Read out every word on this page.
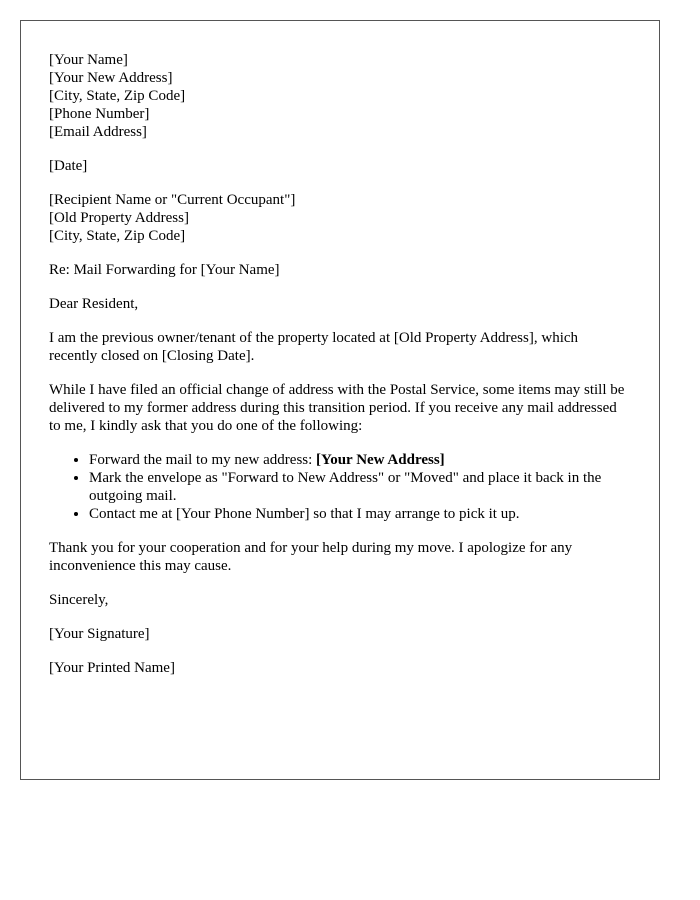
[Your Name]
[Your New Address]
[City, State, Zip Code]
[Phone Number]
[Email Address]

[Date]

[Recipient Name or "Current Occupant"]
[Old Property Address]
[City, State, Zip Code]

Re: Mail Forwarding for [Your Name]

Dear Resident,

I am the previous owner/tenant of the property located at [Old Property Address], which recently closed on [Closing Date].

While I have filed an official change of address with the Postal Service, some items may still be delivered to my former address during this transition period. If you receive any mail addressed to me, I kindly ask that you do one of the following:

• Forward the mail to my new address: [Your New Address]
• Mark the envelope as "Forward to New Address" or "Moved" and place it back in the outgoing mail.
• Contact me at [Your Phone Number] so that I may arrange to pick it up.

Thank you for your cooperation and for your help during my move. I apologize for any inconvenience this may cause.

Sincerely,

[Your Signature]

[Your Printed Name]
